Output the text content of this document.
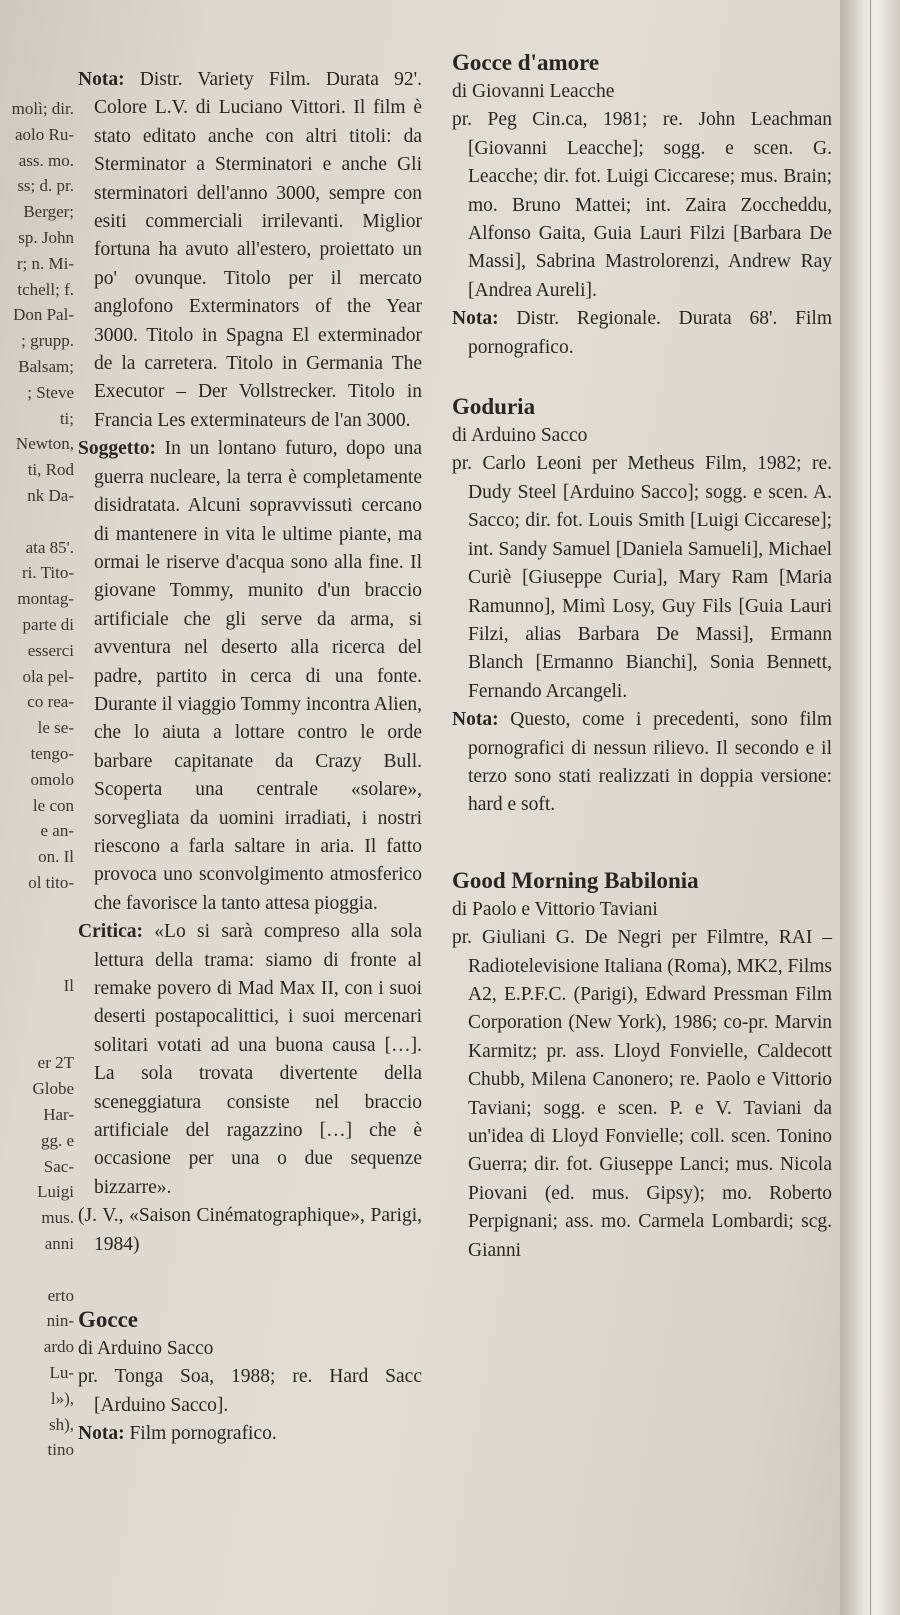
molì; dir.
aolo Ru-
ass. mo.
ss; d. pr.
Berger;
sp. John
r; n. Mi-
tchell; f.
Don Pal-
; grupp.
Balsam;
; Steve
ti;
Newton,
ti, Rod
nk Da-

ata 85'.
ri. Tito-
montag-
parte di
esserci
ola pel-
co rea-
le se-
tengo-
omolo
le con
e an-
on. Il
ol tito-

Il

er 2T
Globe
Har-
gg. e
Sac-
Luigi
mus.
anni

erto
nin-
ardo
Lu-
l»),
sh),
tino

Nota: Distr. Variety Film. Durata 92'. Colore L.V. di Luciano Vittori. Il film è stato editato anche con altri titoli: da Sterminator a Sterminatori e anche Gli sterminatori dell'anno 3000, sempre con esiti commerciali irrilevanti. Miglior fortuna ha avuto all'estero, proiettato un po' ovunque. Titolo per il mercato anglofono Exterminators of the Year 3000. Titolo in Spagna El exterminador de la carretera. Titolo in Germania The Executor – Der Vollstrecker. Titolo in Francia Les exterminateurs de l'an 3000.

Soggetto: In un lontano futuro, dopo una guerra nucleare, la terra è completamente disidratata. Alcuni sopravvissuti cercano di mantenere in vita le ultime piante, ma ormai le riserve d'acqua sono alla fine. Il giovane Tommy, munito d'un braccio artificiale che gli serve da arma, si avventura nel deserto alla ricerca del padre, partito in cerca di una fonte. Durante il viaggio Tommy incontra Alien, che lo aiuta a lottare contro le orde barbare capitanate da Crazy Bull. Scoperta una centrale «solare», sorvegliata da uomini irradiati, i nostri riescono a farla saltare in aria. Il fatto provoca uno sconvolgimento atmosferico che favorisce la tanto attesa pioggia.

Critica: «Lo si sarà compreso alla sola lettura della trama: siamo di fronte al remake povero di Mad Max II, con i suoi deserti postapocalittici, i suoi mercenari solitari votati ad una buona causa […]. La sola trovata divertente della sceneggiatura consiste nel braccio artificiale del ragazzino […] che è occasione per una o due sequenze bizzarre».

(J. V., «Saison Cinématographique», Parigi, 1984)

Gocce

di Arduino Sacco

pr. Tonga Soa, 1988; re. Hard Sacc [Arduino Sacco].

Nota: Film pornografico.

Gocce d'amore

di Giovanni Leacche

pr. Peg Cin.ca, 1981; re. John Leachman [Giovanni Leacche]; sogg. e scen. G. Leacche; dir. fot. Luigi Ciccarese; mus. Brain; mo. Bruno Mattei; int. Zaira Zoccheddu, Alfonso Gaita, Guia Lauri Filzi [Barbara De Massi], Sabrina Mastrolorenzi, Andrew Ray [Andrea Aureli].

Nota: Distr. Regionale. Durata 68'. Film pornografico.

Goduria

di Arduino Sacco

pr. Carlo Leoni per Metheus Film, 1982; re. Dudy Steel [Arduino Sacco]; sogg. e scen. A. Sacco; dir. fot. Louis Smith [Luigi Ciccarese]; int. Sandy Samuel [Daniela Samueli], Michael Curiè [Giuseppe Curia], Mary Ram [Maria Ramunno], Mimì Losy, Guy Fils [Guia Lauri Filzi, alias Barbara De Massi], Ermann Blanch [Ermanno Bianchi], Sonia Bennett, Fernando Arcangeli.

Nota: Questo, come i precedenti, sono film pornografici di nessun rilievo. Il secondo e il terzo sono stati realizzati in doppia versione: hard e soft.

Good Morning Babilonia

di Paolo e Vittorio Taviani

pr. Giuliani G. De Negri per Filmtre, RAI – Radiotelevisione Italiana (Roma), MK2, Films A2, E.P.F.C. (Parigi), Edward Pressman Film Corporation (New York), 1986; co-pr. Marvin Karmitz; pr. ass. Lloyd Fonvielle, Caldecott Chubb, Milena Canonero; re. Paolo e Vittorio Taviani; sogg. e scen. P. e V. Taviani da un'idea di Lloyd Fonvielle; coll. scen. Tonino Guerra; dir. fot. Giuseppe Lanci; mus. Nicola Piovani (ed. mus. Gipsy); mo. Roberto Perpignani; ass. mo. Carmela Lombardi; scg. Gianni
